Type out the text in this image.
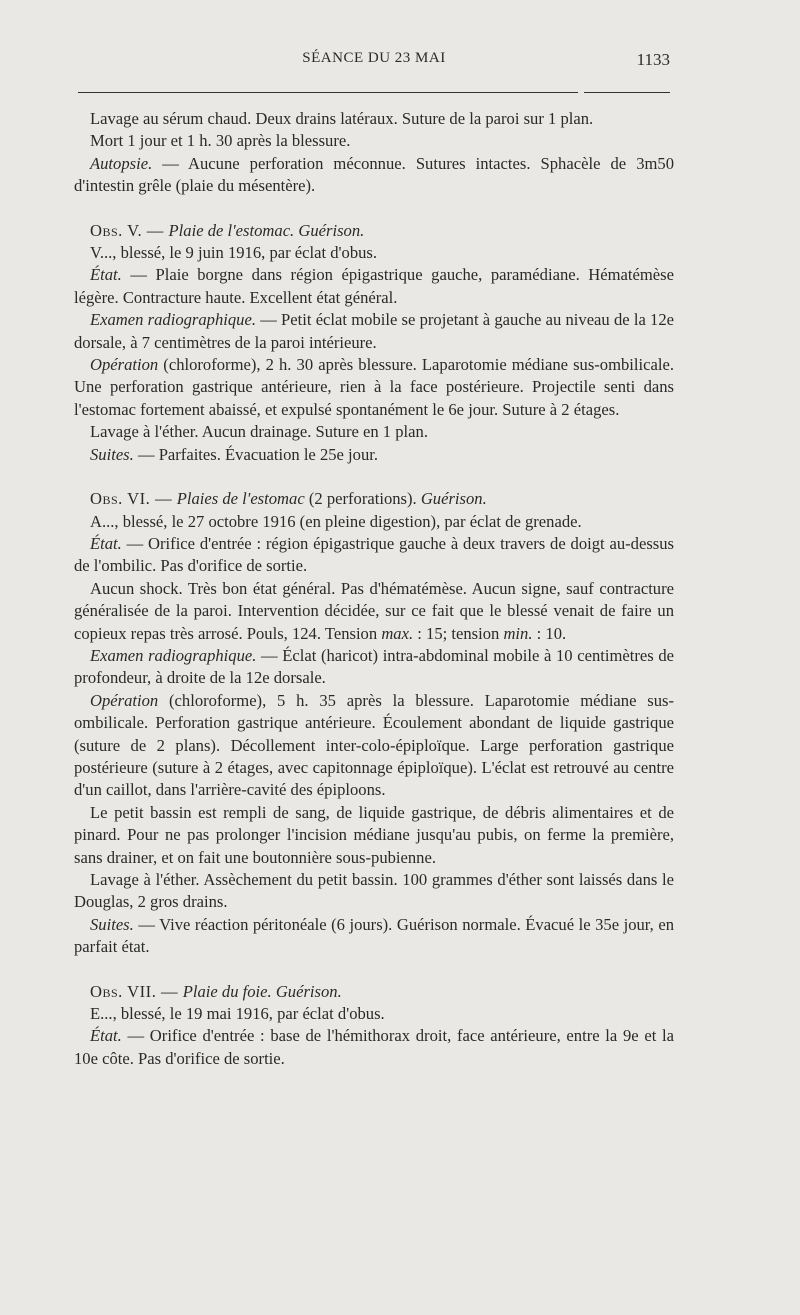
SÉANCE DU 23 MAI	1133

Lavage au sérum chaud. Deux drains latéraux. Suture de la paroi sur 1 plan.

Mort 1 jour et 1 h. 30 après la blessure.

Autopsie. — Aucune perforation méconnue. Sutures intactes. Sphacèle de 3m50 d'intestin grêle (plaie du mésentère).

Obs. V. — Plaie de l'estomac. Guérison.

V..., blessé, le 9 juin 1916, par éclat d'obus.

État. — Plaie borgne dans région épigastrique gauche, paramédiane. Hématémèse légère. Contracture haute. Excellent état général.

Examen radiographique. — Petit éclat mobile se projetant à gauche au niveau de la 12e dorsale, à 7 centimètres de la paroi intérieure.

Opération (chloroforme), 2 h. 30 après blessure. Laparotomie médiane sus-ombilicale. Une perforation gastrique antérieure, rien à la face postérieure. Projectile senti dans l'estomac fortement abaissé, et expulsé spontanément le 6e jour. Suture à 2 étages.

Lavage à l'éther. Aucun drainage. Suture en 1 plan.

Suites. — Parfaites. Évacuation le 25e jour.

Obs. VI. — Plaies de l'estomac (2 perforations). Guérison.

A..., blessé, le 27 octobre 1916 (en pleine digestion), par éclat de grenade.

État. — Orifice d'entrée : région épigastrique gauche à deux travers de doigt au-dessus de l'ombilic. Pas d'orifice de sortie.

Aucun shock. Très bon état général. Pas d'hématémèse. Aucun signe, sauf contracture généralisée de la paroi. Intervention décidée, sur ce fait que le blessé venait de faire un copieux repas très arrosé. Pouls, 124. Tension max. : 15; tension min. : 10.

Examen radiographique. — Éclat (haricot) intra-abdominal mobile à 10 centimètres de profondeur, à droite de la 12e dorsale.

Opération (chloroforme), 5 h. 35 après la blessure. Laparotomie médiane sus-ombilicale. Perforation gastrique antérieure. Écoulement abondant de liquide gastrique (suture de 2 plans). Décollement inter-colo-épiploïque. Large perforation gastrique postérieure (suture à 2 étages, avec capitonnage épiploïque). L'éclat est retrouvé au centre d'un caillot, dans l'arrière-cavité des épiploons.

Le petit bassin est rempli de sang, de liquide gastrique, de débris alimentaires et de pinard. Pour ne pas prolonger l'incision médiane jusqu'au pubis, on ferme la première, sans drainer, et on fait une boutonnière sous-pubienne.

Lavage à l'éther. Assèchement du petit bassin. 100 grammes d'éther sont laissés dans le Douglas, 2 gros drains.

Suites. — Vive réaction péritonéale (6 jours). Guérison normale. Évacué le 35e jour, en parfait état.

Obs. VII. — Plaie du foie. Guérison.

E..., blessé, le 19 mai 1916, par éclat d'obus.

État. — Orifice d'entrée : base de l'hémithorax droit, face antérieure, entre la 9e et la 10e côte. Pas d'orifice de sortie.
